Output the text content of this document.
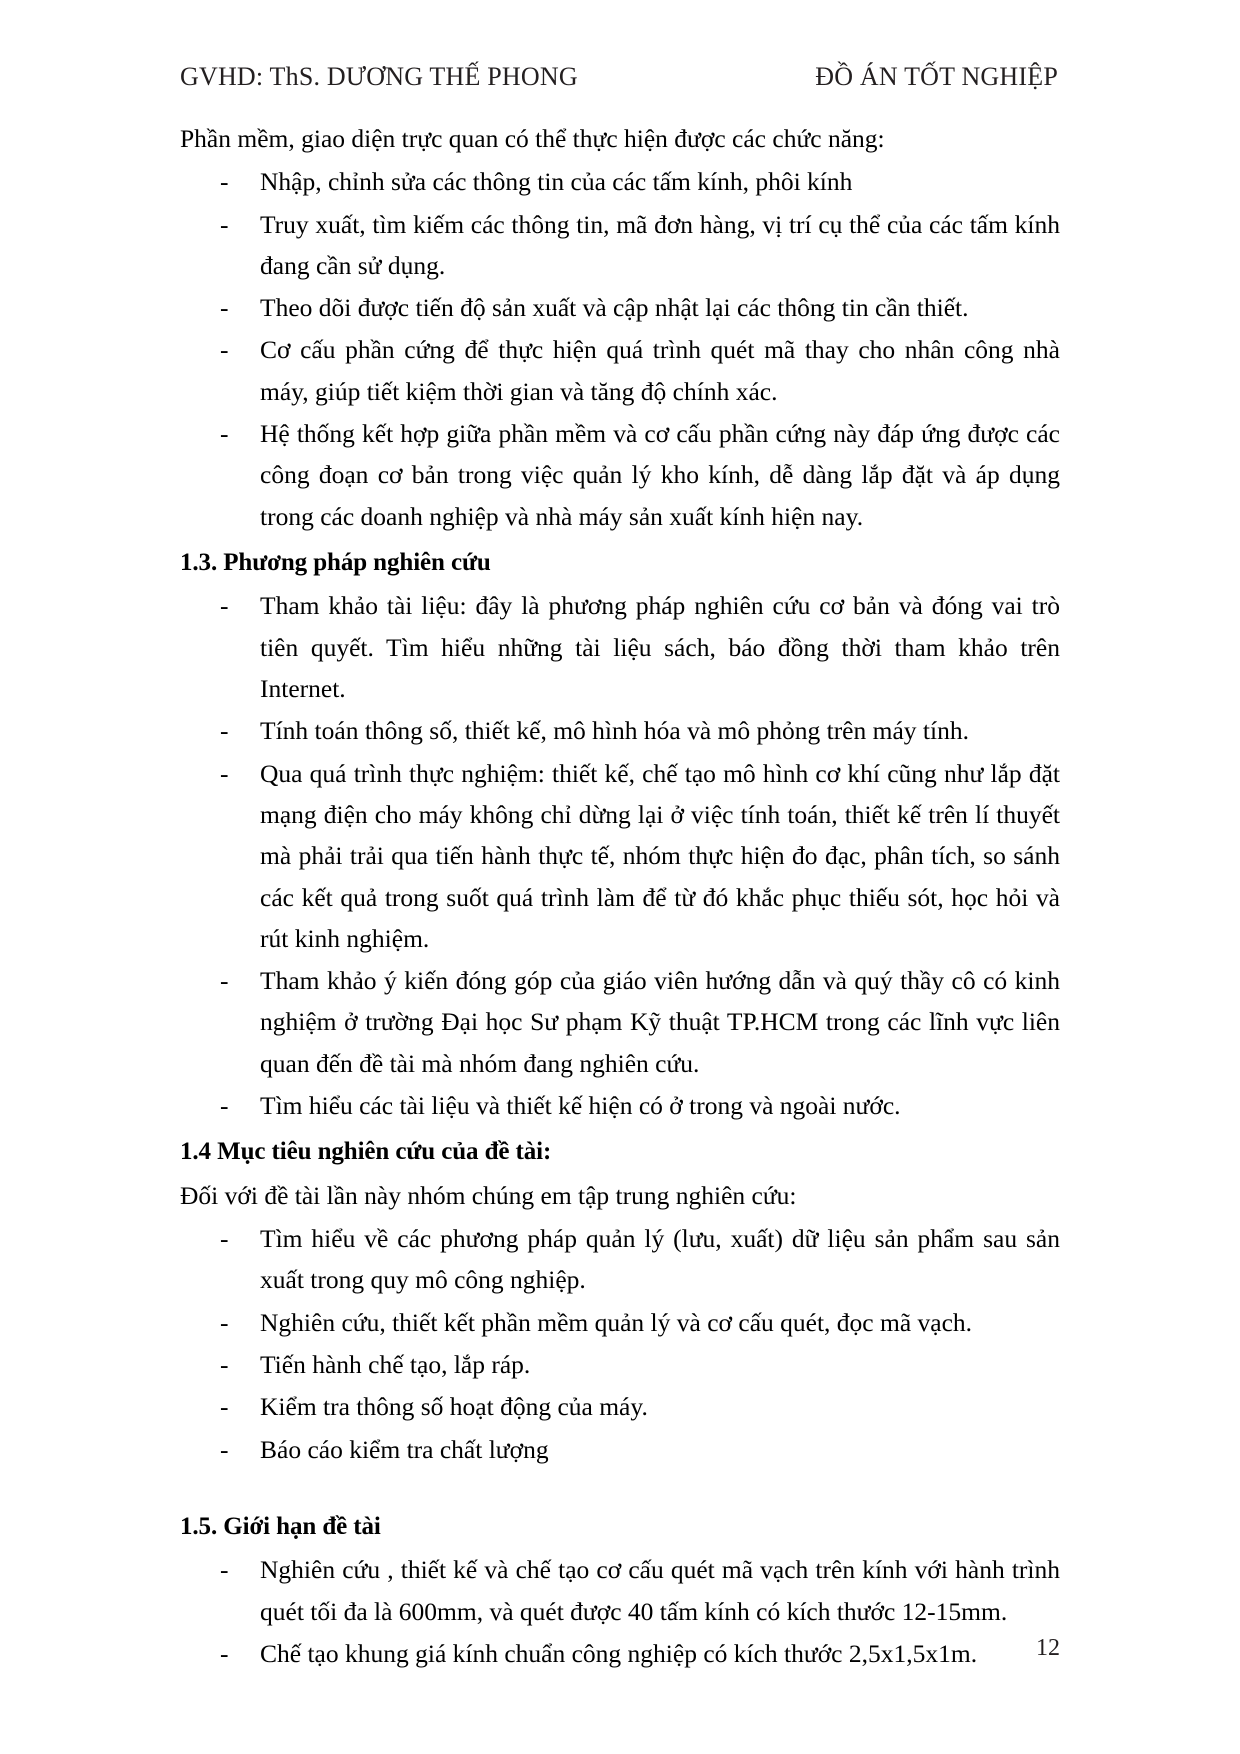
GVHD: ThS. DƯƠNG THẾ PHONG	ĐỒ ÁN TỐT NGHIỆP

Phần mềm, giao diện trực quan có thể thực hiện được các chức năng:

- Nhập, chỉnh sửa các thông tin của các tấm kính, phôi kính
- Truy xuất, tìm kiếm các thông tin, mã đơn hàng, vị trí cụ thể của các tấm kính đang cần sử dụng.
- Theo dõi được tiến độ sản xuất và cập nhật lại các thông tin cần thiết.
- Cơ cấu phần cứng để thực hiện quá trình quét mã thay cho nhân công nhà máy, giúp tiết kiệm thời gian và tăng độ chính xác.
- Hệ thống kết hợp giữa phần mềm và cơ cấu phần cứng này đáp ứng được các công đoạn cơ bản trong việc quản lý kho kính, dễ dàng lắp đặt và áp dụng trong các doanh nghiệp và nhà máy sản xuất kính hiện nay.
1.3. Phương pháp nghiên cứu
- Tham khảo tài liệu: đây là phương pháp nghiên cứu cơ bản và đóng vai trò tiên quyết. Tìm hiểu những tài liệu sách, báo đồng thời tham khảo trên Internet.
- Tính toán thông số, thiết kế, mô hình hóa và mô phỏng trên máy tính.
- Qua quá trình thực nghiệm: thiết kế, chế tạo mô hình cơ khí cũng như lắp đặt mạng điện cho máy không chỉ dừng lại ở việc tính toán, thiết kế trên lí thuyết mà phải trải qua tiến hành thực tế, nhóm thực hiện đo đạc, phân tích, so sánh các kết quả trong suốt quá trình làm để từ đó khắc phục thiếu sót, học hỏi và rút kinh nghiệm.
- Tham khảo ý kiến đóng góp của giáo viên hướng dẫn và quý thầy cô có kinh nghiệm ở trường Đại học Sư phạm Kỹ thuật TP.HCM trong các lĩnh vực liên quan đến đề tài mà nhóm đang nghiên cứu.
- Tìm hiểu các tài liệu và thiết kế hiện có ở trong và ngoài nước.
1.4 Mục tiêu nghiên cứu của đề tài:

Đối với đề tài lần này nhóm chúng em tập trung nghiên cứu:

- Tìm hiểu về các phương pháp quản lý (lưu, xuất) dữ liệu sản phẩm sau sản xuất trong quy mô công nghiệp.
- Nghiên cứu, thiết kết phần mềm quản lý và cơ cấu quét, đọc mã vạch.
- Tiến hành chế tạo, lắp ráp.
- Kiểm tra thông số hoạt động của máy.
- Báo cáo kiểm tra chất lượng
1.5. Giới hạn đề tài
- Nghiên cứu , thiết kế và chế tạo cơ cấu quét mã vạch trên kính với hành trình quét tối đa là 600mm, và quét được 40 tấm kính có kích thước 12-15mm.
- Chế tạo khung giá kính chuẩn công nghiệp có kích thước 2,5x1,5x1m.	12
